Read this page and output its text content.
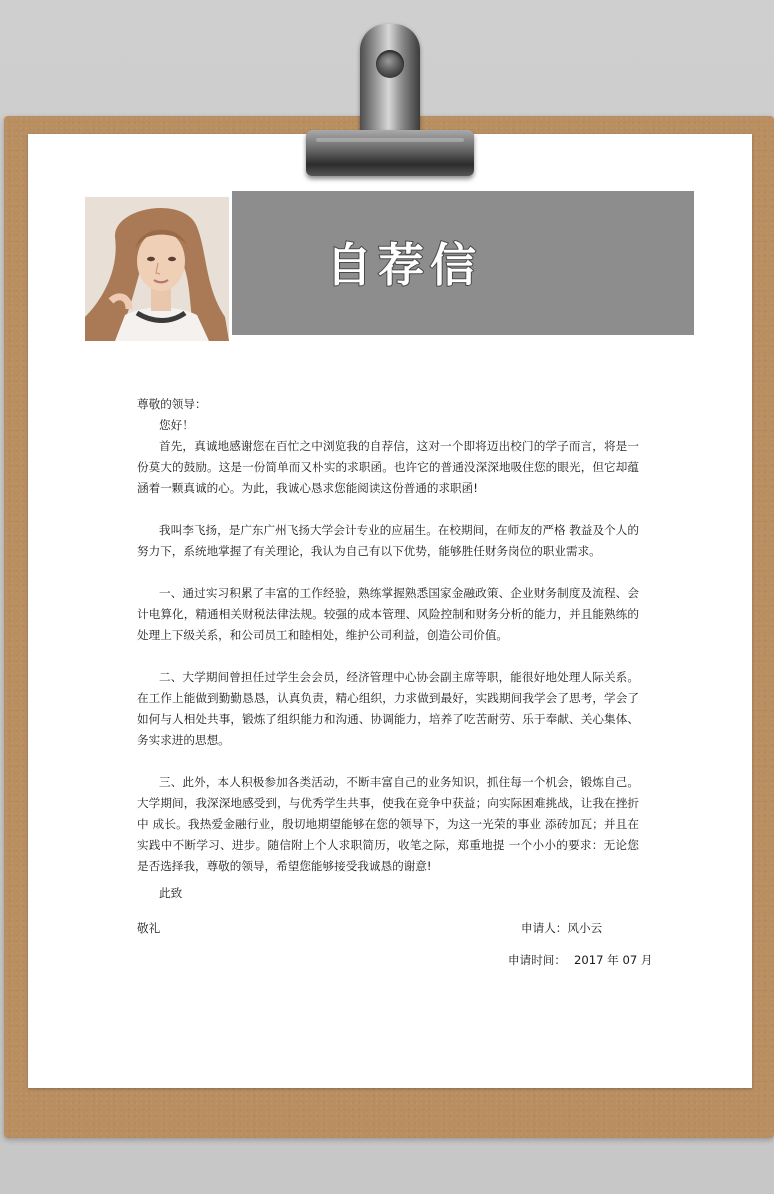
自荐信

尊敬的领导：

您好！

首先，真诚地感谢您在百忙之中浏览我的自荐信，这对一个即将迈出校门的学子而言，将是一份莫大的鼓励。这是一份简单而又朴实的求职函。也许它的普通没深深地吸住您的眼光，但它却蕴涵着一颗真诚的心。为此，我诚心恳求您能阅读这份普通的求职函!

我叫李飞扬，是广东广州飞扬大学会计专业的应届生。在校期间，在师友的严格 教益及个人的努力下，系统地掌握了有关理论，我认为自己有以下优势，能够胜任财务岗位的职业需求。

一、通过实习积累了丰富的工作经验，熟练掌握熟悉国家金融政策、企业财务制度及流程、会计电算化，精通相关财税法律法规。较强的成本管理、风险控制和财务分析的能力，并且能熟练的处理上下级关系，和公司员工和睦相处，维护公司利益，创造公司价值。

二、大学期间曾担任过学生会会员，经济管理中心协会副主席等职，能很好地处理人际关系。在工作上能做到勤勤恳恳，认真负责，精心组织，力求做到最好，实践期间我学会了思考，学会了如何与人相处共事，锻炼了组织能力和沟通、协调能力，培养了吃苦耐劳、乐于奉献、关心集体、务实求进的思想。

三、此外，本人积极参加各类活动，不断丰富自己的业务知识，抓住每一个机会，锻炼自己。大学期间，我深深地感受到，与优秀学生共事，使我在竞争中获益；向实际困难挑战，让我在挫折中 成长。我热爱金融行业，殷切地期望能够在您的领导下，为这一光荣的事业 添砖加瓦；并且在实践中不断学习、进步。随信附上个人求职简历，收笔之际，郑重地提 一个小小的要求：无论您是否选择我，尊敬的领导，希望您能够接受我诚恳的谢意!

此致
敬礼	申请人：风小云
申请时间： 2017 年 07 月
